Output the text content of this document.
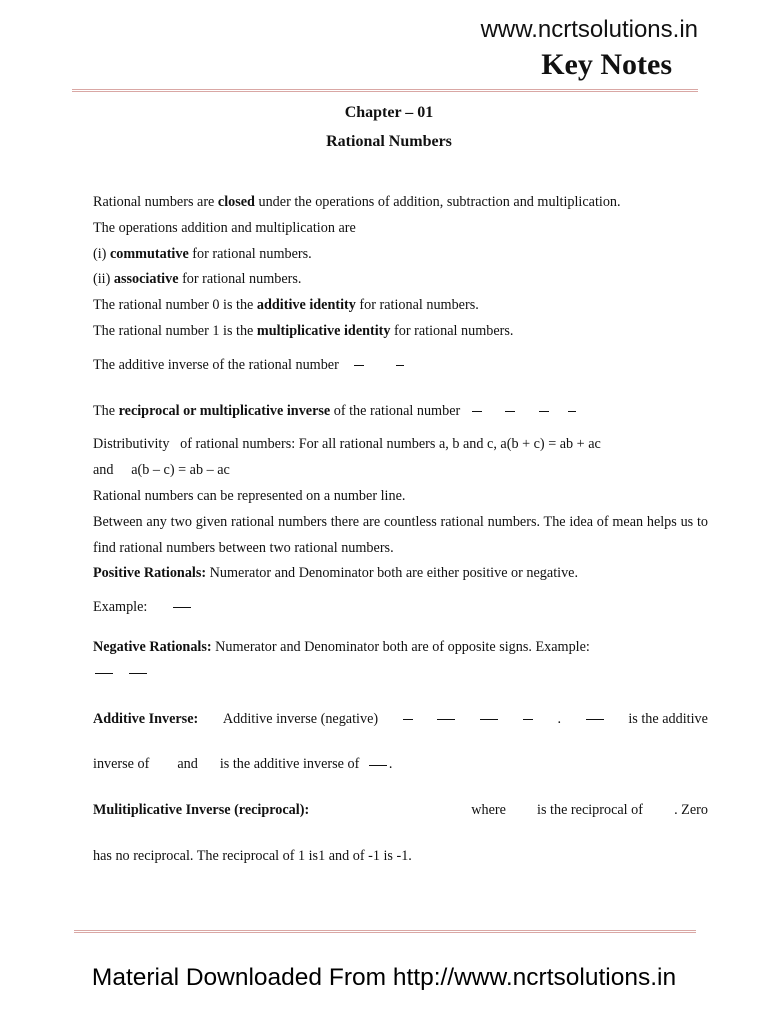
www.ncrtsolutions.in
Key Notes
Chapter – 01
Rational Numbers

Rational numbers are closed under the operations of addition, subtraction and multiplication.

The operations addition and multiplication are

(i) commutative for rational numbers.

(ii) associative for rational numbers.

The rational number 0 is the additive identity for rational numbers.

The rational number 1 is the multiplicative identity for rational numbers.

The additive inverse of the rational number

The reciprocal or multiplicative inverse of the rational number

Distributivity of rational numbers: For all rational numbers a, b and c, a(b + c) = ab + ac

and a(b – c) = ab – ac

Rational numbers can be represented on a number line.

Between any two given rational numbers there are countless rational numbers. The idea of mean helps us to find rational numbers between two rational numbers.

Positive Rationals: Numerator and Denominator both are either positive or negative.

Example:

Negative Rationals: Numerator and Denominator both are of opposite signs. Example:

Additive Inverse: Additive inverse (negative)	.	is the additive

inverse of and is the additive inverse of .

Mulitiplicative Inverse (reciprocal):	where is the reciprocal of . Zero

has no reciprocal. The reciprocal of 1 is1 and of -1 is -1.

Material Downloaded From http://www.ncrtsolutions.in
